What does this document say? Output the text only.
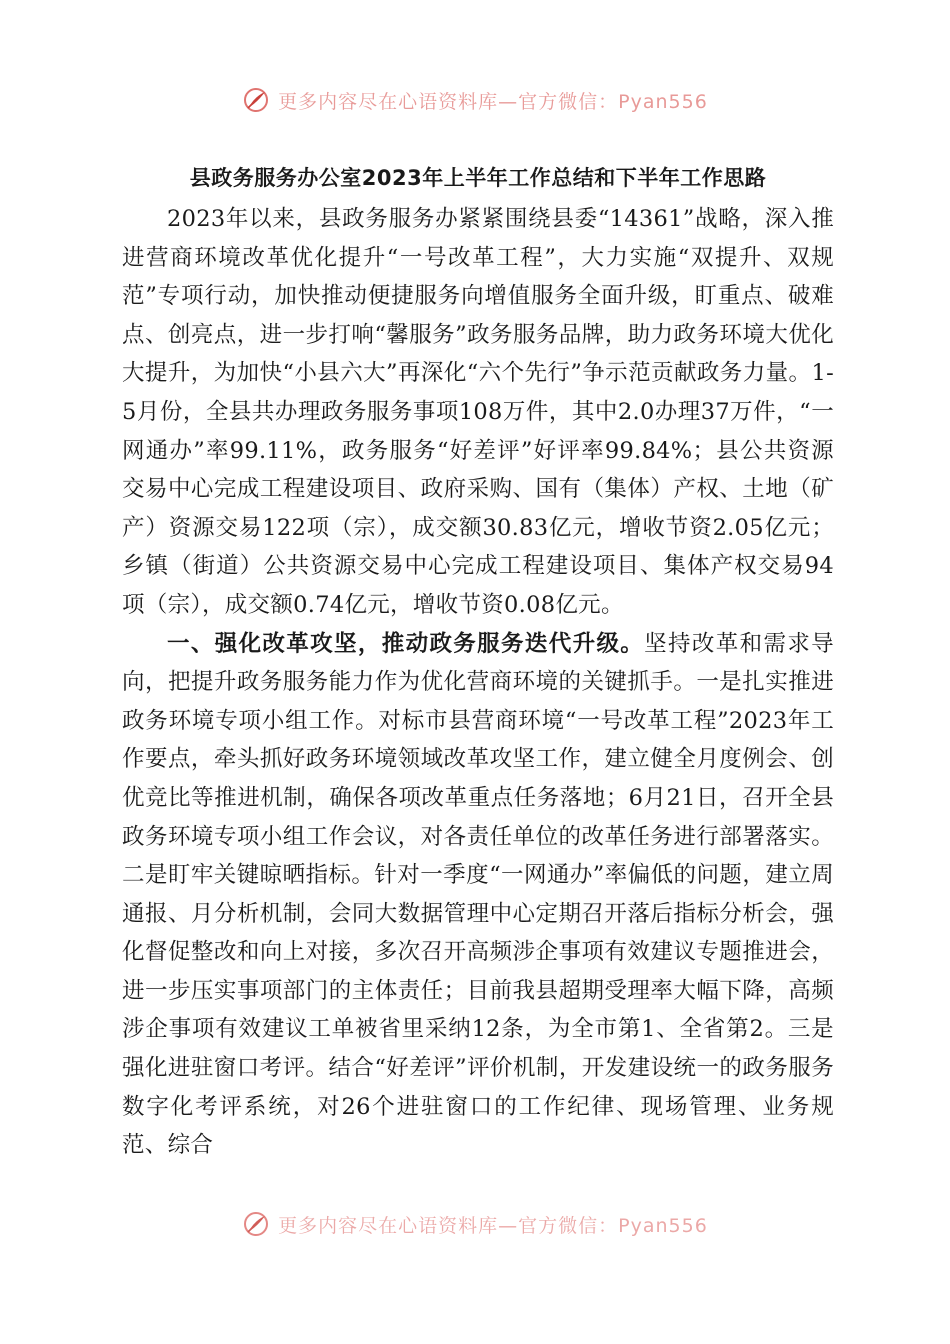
更多内容尽在心语资料库—官方微信：Pyan556
县政务服务办公室2023年上半年工作总结和下半年工作思路

2023年以来，县政务服务办紧紧围绕县委“14361”战略，深入推进营商环境改革优化提升“一号改革工程”，大力实施“双提升、双规范”专项行动，加快推动便捷服务向增值服务全面升级，盯重点、破难点、创亮点，进一步打响“馨服务”政务服务品牌，助力政务环境大优化大提升，为加快“小县六大”再深化“六个先行”争示范贡献政务力量。1-5月份，全县共办理政务服务事项108万件，其中2.0办理37万件，“一网通办”率99.11%，政务服务“好差评”好评率99.84%；县公共资源交易中心完成工程建设项目、政府采购、国有（集体）产权、土地（矿产）资源交易122项（宗），成交额30.83亿元，增收节资2.05亿元；乡镇（街道）公共资源交易中心完成工程建设项目、集体产权交易94项（宗），成交额0.74亿元，增收节资0.08亿元。

一、强化改革攻坚，推动政务服务迭代升级。坚持改革和需求导向，把提升政务服务能力作为优化营商环境的关键抓手。一是扎实推进政务环境专项小组工作。对标市县营商环境“一号改革工程”2023年工作要点，牵头抓好政务环境领域改革攻坚工作，建立健全月度例会、创优竞比等推进机制，确保各项改革重点任务落地；6月21日，召开全县政务环境专项小组工作会议，对各责任单位的改革任务进行部署落实。二是盯牢关键晾晒指标。针对一季度“一网通办”率偏低的问题，建立周通报、月分析机制，会同大数据管理中心定期召开落后指标分析会，强化督促整改和向上对接，多次召开高频涉企事项有效建议专题推进会，进一步压实事项部门的主体责任；目前我县超期受理率大幅下降，高频涉企事项有效建议工单被省里采纳12条，为全市第1、全省第2。三是强化进驻窗口考评。结合“好差评”评价机制，开发建设统一的政务服务数字化考评系统，对26个进驻窗口的工作纪律、现场管理、业务规范、综合

更多内容尽在心语资料库—官方微信：Pyan556
